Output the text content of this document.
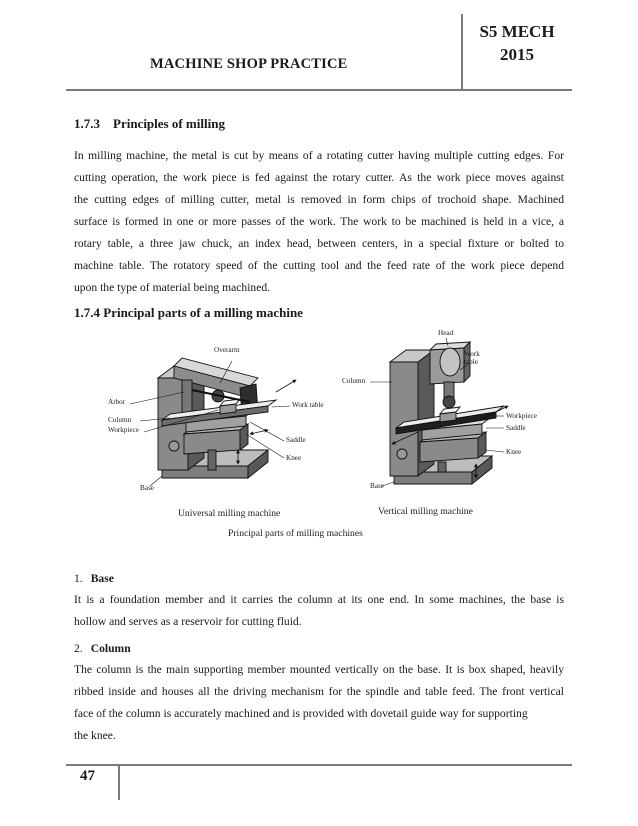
MACHINE SHOP PRACTICE
S5 MECH
2015
1.7.3    Principles of milling
In milling machine, the metal is cut by means of a rotating cutter having multiple cutting edges. For
cutting operation, the work piece is fed against the rotary cutter. As the work piece moves against
the cutting edges of milling cutter, metal is removed in form chips of trochoid shape. Machined
surface is formed in one or more passes of the work. The work to be machined is held in a vice, a
rotary table, a three jaw chuck, an index head, between centers, in a special fixture or bolted to
machine table. The rotatory speed of the cutting tool and the feed rate of the work piece depend
upon the type of material being machined.
1.7.4 Principal parts of a milling machine
Overarm
Arbor
Column
Workpiece
Work table
Saddle
Knee
Base
Head
Work table
Column
Workpiece
Saddle
Knee
Base
Universal milling machine	Vertical milling machine
Principal parts of milling machines
1. Base
It is a foundation member and it carries the column at its one end. In some machines, the base is
hollow and serves as a reservoir for cutting fluid.
2. Column
The column is the main supporting member mounted vertically on the base. It is box shaped, heavily
ribbed inside and houses all the driving mechanism for the spindle and table feed. The front vertical
face of the column is accurately machined and is provided with dovetail guide way for supporting
the knee.
47
